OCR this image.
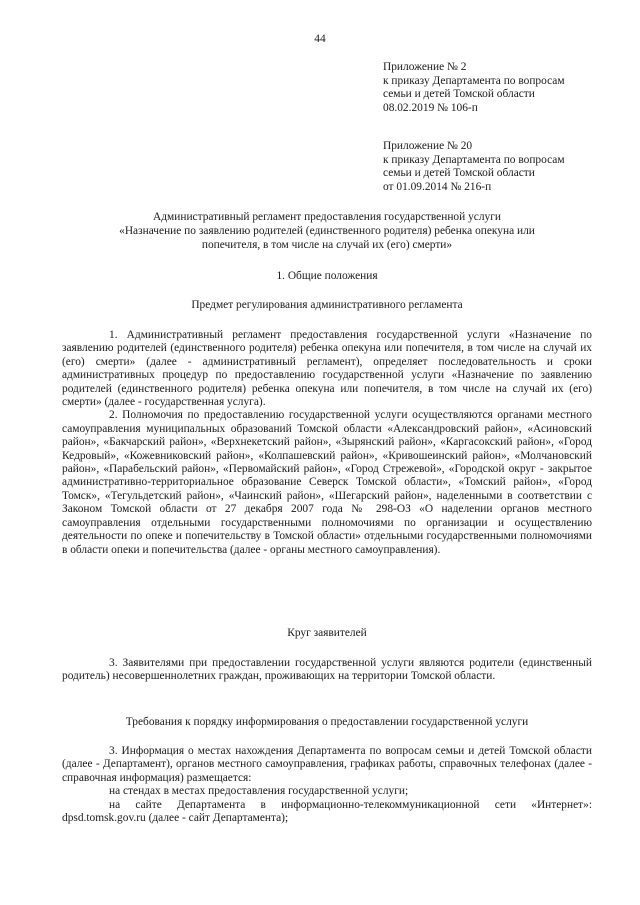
44
Приложение № 2
к приказу Департамента по вопросам
семьи и детей Томской области
08.02.2019 № 106-п
Приложение № 20
к приказу Департамента по вопросам
семьи и детей Томской области
от 01.09.2014 № 216-п
Административный регламент предоставления государственной услуги
«Назначение по заявлению родителей (единственного родителя) ребенка опекуна или
попечителя, в том числе на случай их (его) смерти»
1. Общие положения
Предмет регулирования административного регламента

1. Административный регламент предоставления государственной услуги «Назначение по заявлению родителей (единственного родителя) ребенка опекуна или попечителя, в том числе на случай их (его) смерти» (далее - административный регламент), определяет последовательность и сроки административных процедур по предоставлению государственной услуги «Назначение по заявлению родителей (единственного родителя) ребенка опекуна или попечителя, в том числе на случай их (его) смерти» (далее - государственная услуга).

2. Полномочия по предоставлению государственной услуги осуществляются органами местного самоуправления муниципальных образований Томской области «Александровский район», «Асиновский район», «Бакчарский район», «Верхнекетский район», «Зырянский район», «Каргасокский район», «Город Кедровый», «Кожевниковский район», «Колпашевский район», «Кривошеинский район», «Молчановский район», «Парабельский район», «Первомайский район», «Город Стрежевой», «Городской округ - закрытое административно-территориальное образование Северск Томской области», «Томский район», «Город Томск», «Тегульдетский район», «Чаинский район», «Шегарский район», наделенными в соответствии с Законом Томской области от 27 декабря 2007 года № 298-ОЗ «О наделении органов местного самоуправления отдельными государственными полномочиями по организации и осуществлению деятельности по опеке и попечительству в Томской области» отдельными государственными полномочиями в области опеки и попечительства (далее - органы местного самоуправления).

Круг заявителей

3. Заявителями при предоставлении государственной услуги являются родители (единственный родитель) несовершеннолетних граждан, проживающих на территории Томской области.

Требования к порядку информирования о предоставлении государственной услуги

3. Информация о местах нахождения Департамента по вопросам семьи и детей Томской области (далее - Департамент), органов местного самоуправления, графиках работы, справочных телефонах (далее - справочная информация) размещается:

на стендах в местах предоставления государственной услуги;

на сайте Департамента в информационно-телекоммуникационной сети «Интернет»: dpsd.tomsk.gov.ru (далее - сайт Департамента);
